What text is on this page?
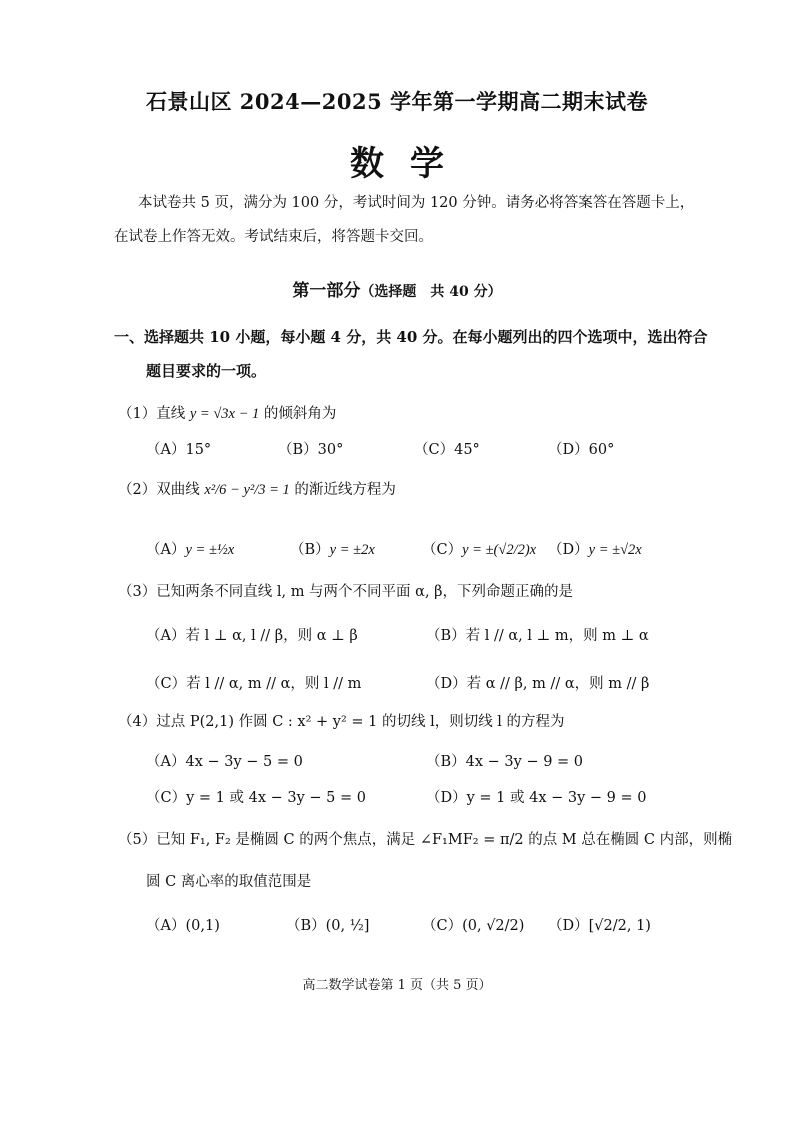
石景山区 2024—2025 学年第一学期高二期末试卷
数学
本试卷共 5 页，满分为 100 分，考试时间为 120 分钟。请务必将答案答在答题卡上，
在试卷上作答无效。考试结束后，将答题卡交回。
第一部分（选择题　共 40 分）
一、选择题共 10 小题，每小题 4 分，共 40 分。在每小题列出的四个选项中，选出符合
题目要求的一项。
（1）直线 y = √3x − 1 的倾斜角为
（A）15°	（B）30°	（C）45°	（D）60°
（2）双曲线 x²/6 − y²/3 = 1 的渐近线方程为
（A）y = ±½x	（B）y = ±2x	（C）y = ±(√2/2)x （D）y = ±√2x
（3）已知两条不同直线 l, m 与两个不同平面 α, β，下列命题正确的是
（A）若 l ⊥ α, l // β，则 α ⊥ β	（B）若 l // α, l ⊥ m，则 m ⊥ α
（C）若 l // α, m // α，则 l // m	（D）若 α // β, m // α，则 m // β
（4）过点 P(2,1) 作圆 C : x² + y² = 1 的切线 l，则切线 l 的方程为
（A）4x − 3y − 5 = 0	（B）4x − 3y − 9 = 0
（C）y = 1 或 4x − 3y − 5 = 0	（D）y = 1 或 4x − 3y − 9 = 0
（5）已知 F₁, F₂ 是椭圆 C 的两个焦点，满足 ∠F₁MF₂ = π/2 的点 M 总在椭圆 C 内部，则椭
圆 C 离心率的取值范围是
（A）(0,1)	（B）(0, ½]	（C）(0, √2/2) （D）[√2/2, 1)
高二数学试卷第 1 页（共 5 页）
